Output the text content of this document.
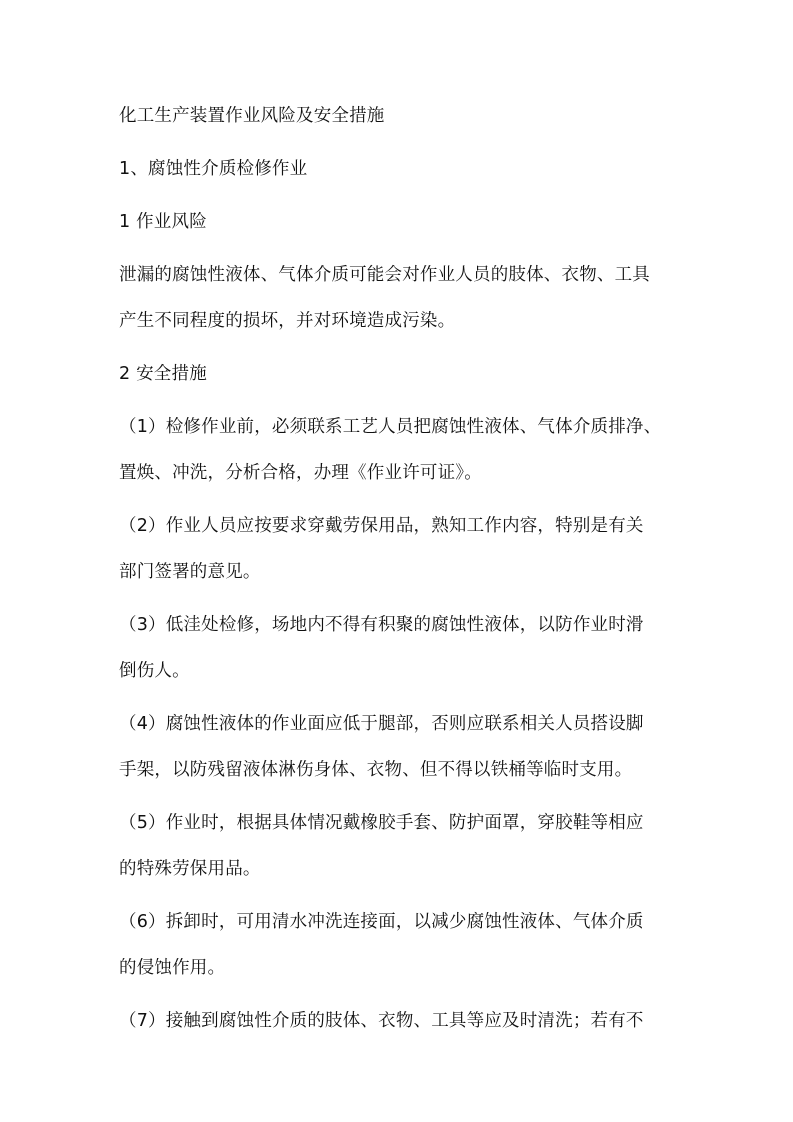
化工生产装置作业风险及安全措施
1、腐蚀性介质检修作业
1 作业风险
泄漏的腐蚀性液体、气体介质可能会对作业人员的肢体、衣物、工具
产生不同程度的损坏，并对环境造成污染。
2 安全措施
（1）检修作业前，必须联系工艺人员把腐蚀性液体、气体介质排净、
置焕、冲洗，分析合格，办理《作业许可证》。
（2）作业人员应按要求穿戴劳保用品，熟知工作内容，特别是有关
部门签署的意见。
（3）低洼处检修，场地内不得有积聚的腐蚀性液体，以防作业时滑
倒伤人。
（4）腐蚀性液体的作业面应低于腿部，否则应联系相关人员搭设脚
手架，以防残留液体淋伤身体、衣物、但不得以铁桶等临时支用。
（5）作业时，根据具体情况戴橡胶手套、防护面罩，穿胶鞋等相应
的特殊劳保用品。
（6）拆卸时，可用清水冲洗连接面，以减少腐蚀性液体、气体介质
的侵蚀作用。
（7）接触到腐蚀性介质的肢体、衣物、工具等应及时清洗；若有不
